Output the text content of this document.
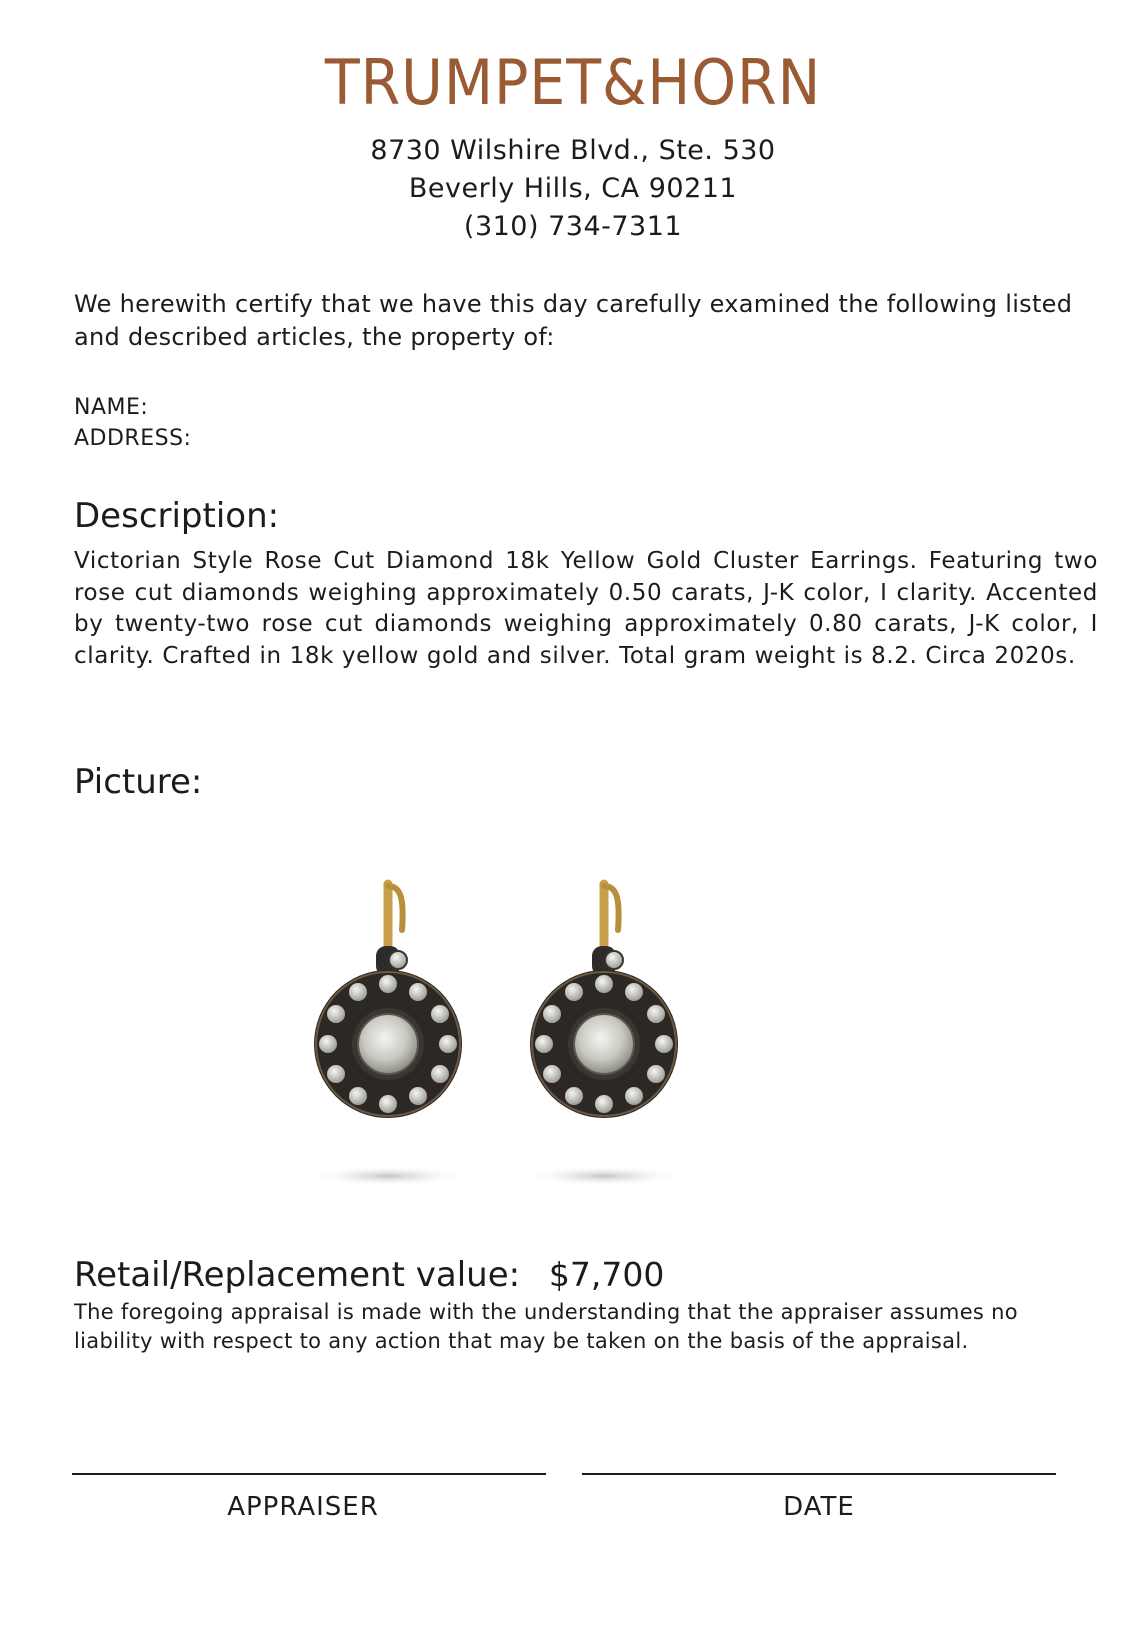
TRUMPET&HORN
8730 Wilshire Blvd., Ste. 530
Beverly Hills, CA 90211
(310) 734-7311
We herewith certify that we have this day carefully examined the following listed and described articles, the property of:
NAME:
ADDRESS:
Description:
Victorian Style Rose Cut Diamond 18k Yellow Gold Cluster Earrings. Featuring two rose cut diamonds weighing approximately 0.50 carats, J-K color, I clarity. Accented by twenty-two rose cut diamonds weighing approximately 0.80 carats, J-K color, I clarity. Crafted in 18k yellow gold and silver. Total gram weight is 8.2. Circa 2020s.
Picture:
Retail/Replacement value: $7,700
The foregoing appraisal is made with the understanding that the appraiser assumes no liability with respect to any action that may be taken on the basis of the appraisal.
APPRAISER	DATE
